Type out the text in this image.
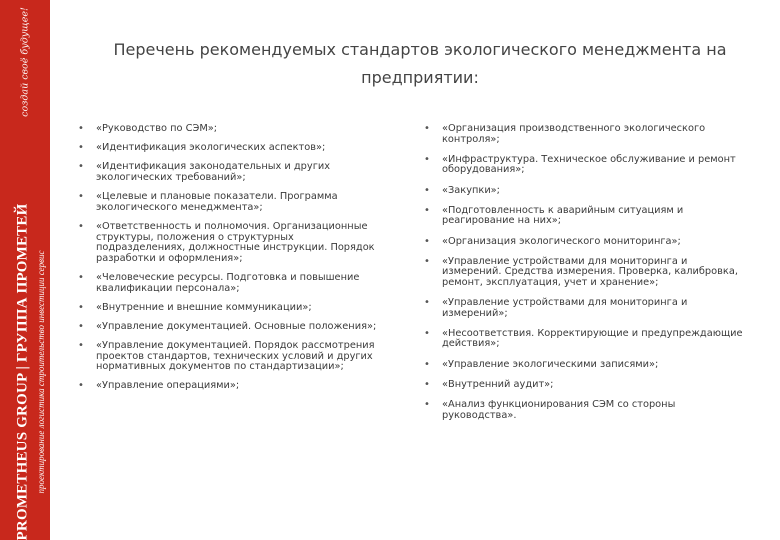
создай своё будущее!
PROMETHEUS GROUP | ГРУППА ПРОМЕТЕЙ проектирование логистика строительство инвестиции сервис
Перечень рекомендуемых стандартов экологического менеджмента на
предприятии:
• «Руководство по СЭМ»;
• «Идентификация экологических аспектов»;
• «Идентификация законодательных и других экологических требований»;
• «Целевые и плановые показатели. Программа экологического менеджмента»;
• «Ответственность и полномочия. Организационные структуры, положения о структурных подразделениях, должностные инструкции. Порядок разработки и оформления»;
• «Человеческие ресурсы. Подготовка и повышение квалификации персонала»;
• «Внутренние и внешние коммуникации»;
• «Управление документацией. Основные положения»;
• «Управление документацией. Порядок рассмотрения проектов стандартов, технических условий и других нормативных документов по стандартизации»;
• «Управление операциями»;
• «Организация производственного экологического контроля»;
• «Инфраструктура. Техническое обслуживание и ремонт оборудования»;
• «Закупки»;
• «Подготовленность к аварийным ситуациям и реагирование на них»;
• «Организация экологического мониторинга»;
• «Управление устройствами для мониторинга и измерений. Средства измерения. Проверка, калибровка, ремонт, эксплуатация, учет и хранение»;
• «Управление устройствами для мониторинга и измерений»;
• «Несоответствия. Корректирующие и предупреждающие действия»;
• «Управление экологическими записями»;
• «Внутренний аудит»;
• «Анализ функционирования СЭМ со стороны руководства».
